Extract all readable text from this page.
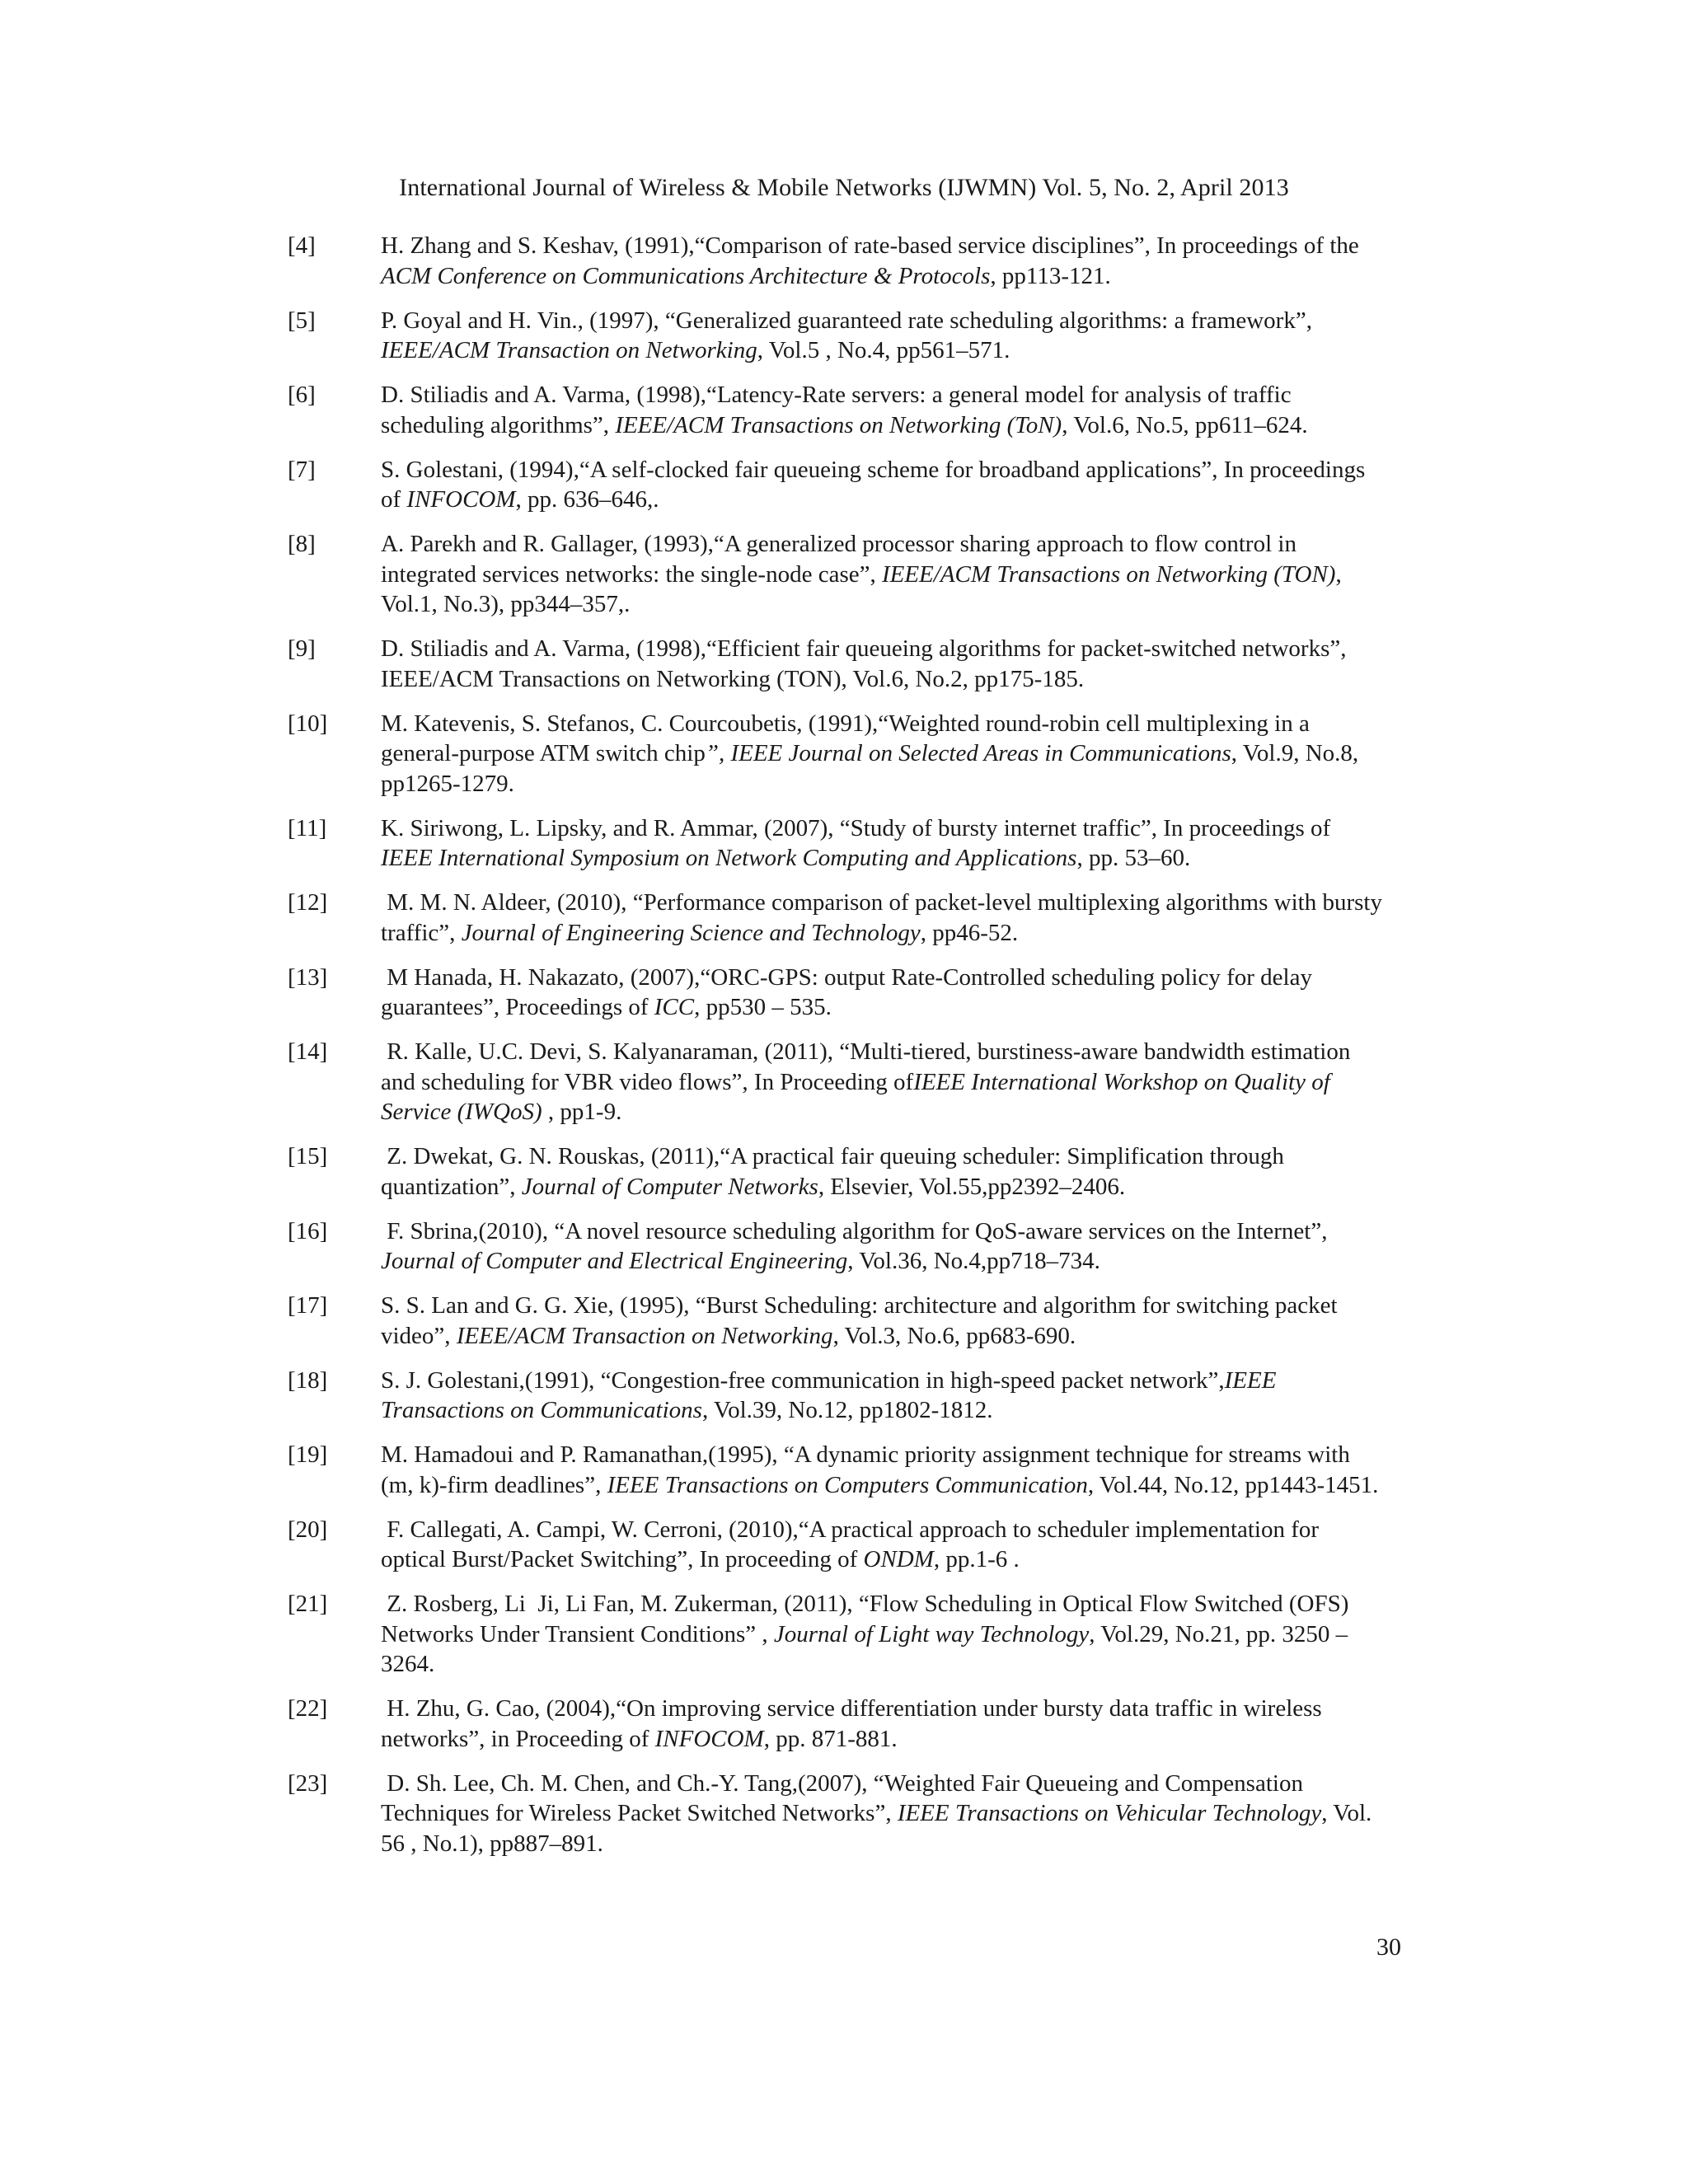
International Journal of Wireless & Mobile Networks (IJWMN) Vol. 5, No. 2, April 2013
[4]	H. Zhang and S. Keshav, (1991),“Comparison of rate-based service disciplines”, In proceedings of the ACM Conference on Communications Architecture & Protocols, pp113-121.
[5]	P. Goyal and H. Vin., (1997), “Generalized guaranteed rate scheduling algorithms: a framework”, IEEE/ACM Transaction on Networking, Vol.5 , No.4, pp561–571.
[6]	D. Stiliadis and A. Varma, (1998),“Latency-Rate servers: a general model for analysis of traffic scheduling algorithms”, IEEE/ACM Transactions on Networking (ToN), Vol.6, No.5, pp611–624.
[7]	S. Golestani, (1994),“A self-clocked fair queueing scheme for broadband applications”, In proceedings of INFOCOM, pp. 636–646,.
[8]	A. Parekh and R. Gallager, (1993),“A generalized processor sharing approach to flow control in integrated services networks: the single-node case”, IEEE/ACM Transactions on Networking (TON), Vol.1, No.3), pp344–357,.
[9]	D. Stiliadis and A. Varma, (1998),“Efficient fair queueing algorithms for packet-switched networks”, IEEE/ACM Transactions on Networking (TON), Vol.6, No.2, pp175-185.
[10]	M. Katevenis, S. Stefanos, C. Courcoubetis, (1991),“Weighted round-robin cell multiplexing in a general-purpose ATM switch chip”, IEEE Journal on Selected Areas in Communications, Vol.9, No.8, pp1265-1279.
[11]	K. Siriwong, L. Lipsky, and R. Ammar, (2007), “Study of bursty internet traffic”, In proceedings of IEEE International Symposium on Network Computing and Applications, pp. 53–60.
[12]	M. M. N. Aldeer, (2010), “Performance comparison of packet-level multiplexing algorithms with bursty traffic”, Journal of Engineering Science and Technology, pp46-52.
[13]	M Hanada, H. Nakazato, (2007),“ORC-GPS: output Rate-Controlled scheduling policy for delay guarantees”, Proceedings of ICC, pp530 – 535.
[14]	R. Kalle, U.C. Devi, S. Kalyanaraman, (2011), “Multi-tiered, burstiness-aware bandwidth estimation and scheduling for VBR video flows”, In Proceeding ofIEEE International Workshop on Quality of Service (IWQoS) , pp1-9.
[15]	Z. Dwekat, G. N. Rouskas, (2011),“A practical fair queuing scheduler: Simplification through quantization”, Journal of Computer Networks, Elsevier, Vol.55,pp2392–2406.
[16]	F. Sbrina,(2010), “A novel resource scheduling algorithm for QoS-aware services on the Internet”, Journal of Computer and Electrical Engineering, Vol.36, No.4,pp718–734.
[17]	S. S. Lan and G. G. Xie, (1995), “Burst Scheduling: architecture and algorithm for switching packet video”, IEEE/ACM Transaction on Networking, Vol.3, No.6, pp683-690.
[18]	S. J. Golestani,(1991), “Congestion-free communication in high-speed packet network”,IEEE Transactions on Communications, Vol.39, No.12, pp1802-1812.
[19]	M. Hamadoui and P. Ramanathan,(1995), “A dynamic priority assignment technique for streams with (m, k)-firm deadlines”, IEEE Transactions on Computers Communication, Vol.44, No.12, pp1443-1451.
[20]	F. Callegati, A. Campi, W. Cerroni, (2010),“A practical approach to scheduler implementation for optical Burst/Packet Switching”, In proceeding of ONDM, pp.1-6 .
[21]	Z. Rosberg, Li  Ji, Li Fan, M. Zukerman, (2011), “Flow Scheduling in Optical Flow Switched (OFS) Networks Under Transient Conditions” , Journal of Light way Technology, Vol.29, No.21, pp. 3250 – 3264.
[22]	H. Zhu, G. Cao, (2004),“On improving service differentiation under bursty data traffic in wireless networks”, in Proceeding of INFOCOM, pp. 871-881.
[23]	D. Sh. Lee, Ch. M. Chen, and Ch.-Y. Tang,(2007), “Weighted Fair Queueing and Compensation Techniques for Wireless Packet Switched Networks”, IEEE Transactions on Vehicular Technology, Vol. 56 , No.1), pp887–891.
30
